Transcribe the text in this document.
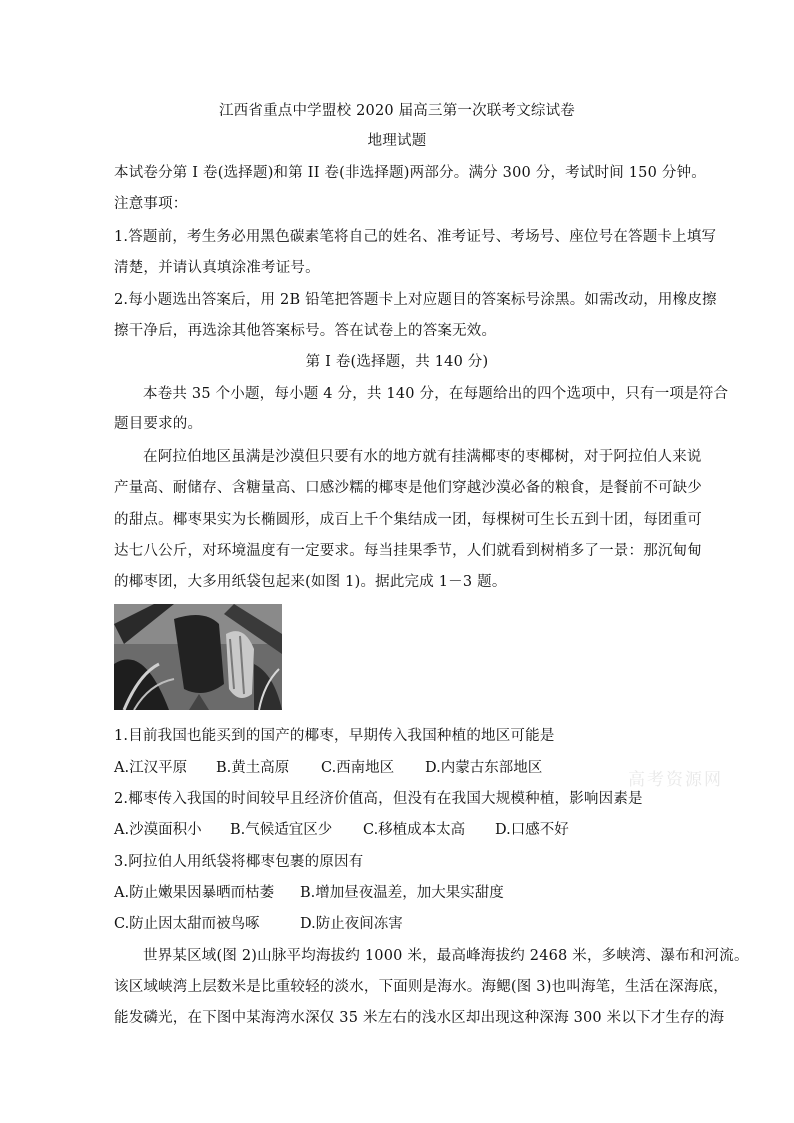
江西省重点中学盟校 2020 届高三第一次联考文综试卷
地理试题
本试卷分第 I 卷(选择题)和第 II 卷(非选择题)两部分。满分 300 分，考试时间 150 分钟。
注意事项：
1.答题前，考生务必用黑色碳素笔将自己的姓名、准考证号、考场号、座位号在答题卡上填写
清楚，并请认真填涂准考证号。
2.每小题选出答案后，用 2B 铅笔把答题卡上对应题目的答案标号涂黑。如需改动，用橡皮擦
擦干净后，再选涂其他答案标号。答在试卷上的答案无效。
第 I 卷(选择题，共 140 分)
本卷共 35 个小题，每小题 4 分，共 140 分，在每题给出的四个选项中，只有一项是符合
题目要求的。
在阿拉伯地区虽满是沙漠但只要有水的地方就有挂满椰枣的枣椰树，对于阿拉伯人来说
产量高、耐储存、含糖量高、口感沙糯的椰枣是他们穿越沙漠必备的粮食，是餐前不可缺少
的甜点。椰枣果实为长椭圆形，成百上千个集结成一团，每棵树可生长五到十团，每团重可
达七八公斤，对环境温度有一定要求。每当挂果季节，人们就看到树梢多了一景：那沉甸甸
的椰枣团，大多用纸袋包起来(如图 1)。据此完成 1－3 题。
1.目前我国也能买到的国产的椰枣，早期传入我国种植的地区可能是
A.江汉平原 B.黄土高原 C.西南地区 D.内蒙古东部地区
高考资源网
2.椰枣传入我国的时间较早且经济价值高，但没有在我国大规模种植，影响因素是
A.沙漠面积小 B.气候适宜区少 C.移植成本太高 D.口感不好
3.阿拉伯人用纸袋将椰枣包裹的原因有
A.防止嫩果因暴晒而枯萎 B.增加昼夜温差，加大果实甜度
C.防止因太甜而被鸟啄	D.防止夜间冻害
世界某区域(图 2)山脉平均海拔约 1000 米，最高峰海拔约 2468 米，多峡湾、瀑布和河流。
该区域峡湾上层数米是比重较轻的淡水，下面则是海水。海鳃(图 3)也叫海笔，生活在深海底，
能发磷光，在下图中某海湾水深仅 35 米左右的浅水区却出现这种深海 300 米以下才生存的海
